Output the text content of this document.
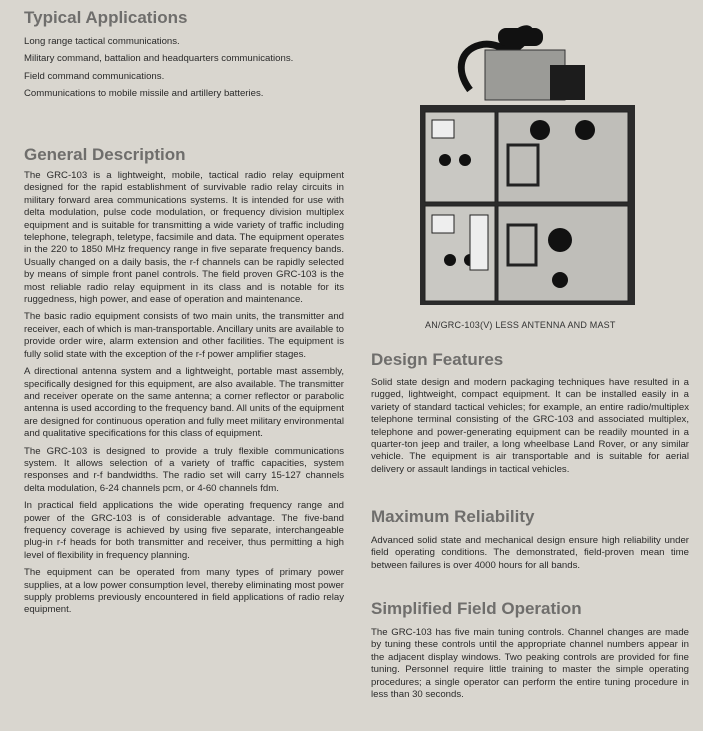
Typical Applications

Long range tactical communications.

Military command, battalion and headquarters communications.

Field command communications.

Communications to mobile missile and artillery batteries.

General Description

The GRC-103 is a lightweight, mobile, tactical radio relay equipment designed for the rapid establishment of survivable radio relay circuits in military forward area communications systems. It is intended for use with delta modulation, pulse code modulation, or frequency division multiplex equipment and is suitable for transmitting a wide variety of traffic including telephone, telegraph, teletype, facsimile and data. The equipment operates in the 220 to 1850 MHz frequency range in five separate frequency bands. Usually changed on a daily basis, the r-f channels can be rapidly selected by means of simple front panel controls. The field proven GRC-103 is the most reliable radio relay equipment in its class and is notable for its ruggedness, high power, and ease of operation and maintenance.

The basic radio equipment consists of two main units, the transmitter and receiver, each of which is man-transportable. Ancillary units are available to provide order wire, alarm extension and other facilities. The equipment is fully solid state with the exception of the r-f power amplifier stages.

A directional antenna system and a lightweight, portable mast assembly, specifically designed for this equipment, are also available. The transmitter and receiver operate on the same antenna; a corner reflector or parabolic antenna is used according to the frequency band. All units of the equipment are designed for continuous operation and fully meet military environmental and qualitative specifications for this class of equipment.

The GRC-103 is designed to provide a truly flexible communications system. It allows selection of a variety of traffic capacities, system responses and r-f bandwidths. The radio set will carry 15-127 channels delta modulation, 6-24 channels pcm, or 4-60 channels fdm.

In practical field applications the wide operating frequency range and power of the GRC-103 is of considerable advantage. The five-band frequency coverage is achieved by using five separate, interchangeable plug-in r-f heads for both transmitter and receiver, thus permitting a high level of flexibility in frequency planning.

The equipment can be operated from many types of primary power supplies, at a low power consumption level, thereby eliminating most power supply problems previously encountered in field applications of radio relay equipment.

AN/GRC-103(V) LESS ANTENNA AND MAST
Design Features

Solid state design and modern packaging techniques have resulted in a rugged, lightweight, compact equipment. It can be installed easily in a variety of standard tactical vehicles; for example, an entire radio/multiplex telephone terminal consisting of the GRC-103 and associated multiplex, telephone and power-generating equipment can be readily mounted in a quarter-ton jeep and trailer, a long wheelbase Land Rover, or any similar vehicle. The equipment is air transportable and is suitable for aerial delivery or assault landings in tactical vehicles.

Maximum Reliability

Advanced solid state and mechanical design ensure high reliability under field operating conditions. The demonstrated, field-proven mean time between failures is over 4000 hours for all bands.

Simplified Field Operation

The GRC-103 has five main tuning controls. Channel changes are made by tuning these controls until the appropriate channel numbers appear in the adjacent display windows. Two peaking controls are provided for fine tuning. Personnel require little training to master the simple operating procedures; a single operator can perform the entire tuning procedure in less than 30 seconds.
